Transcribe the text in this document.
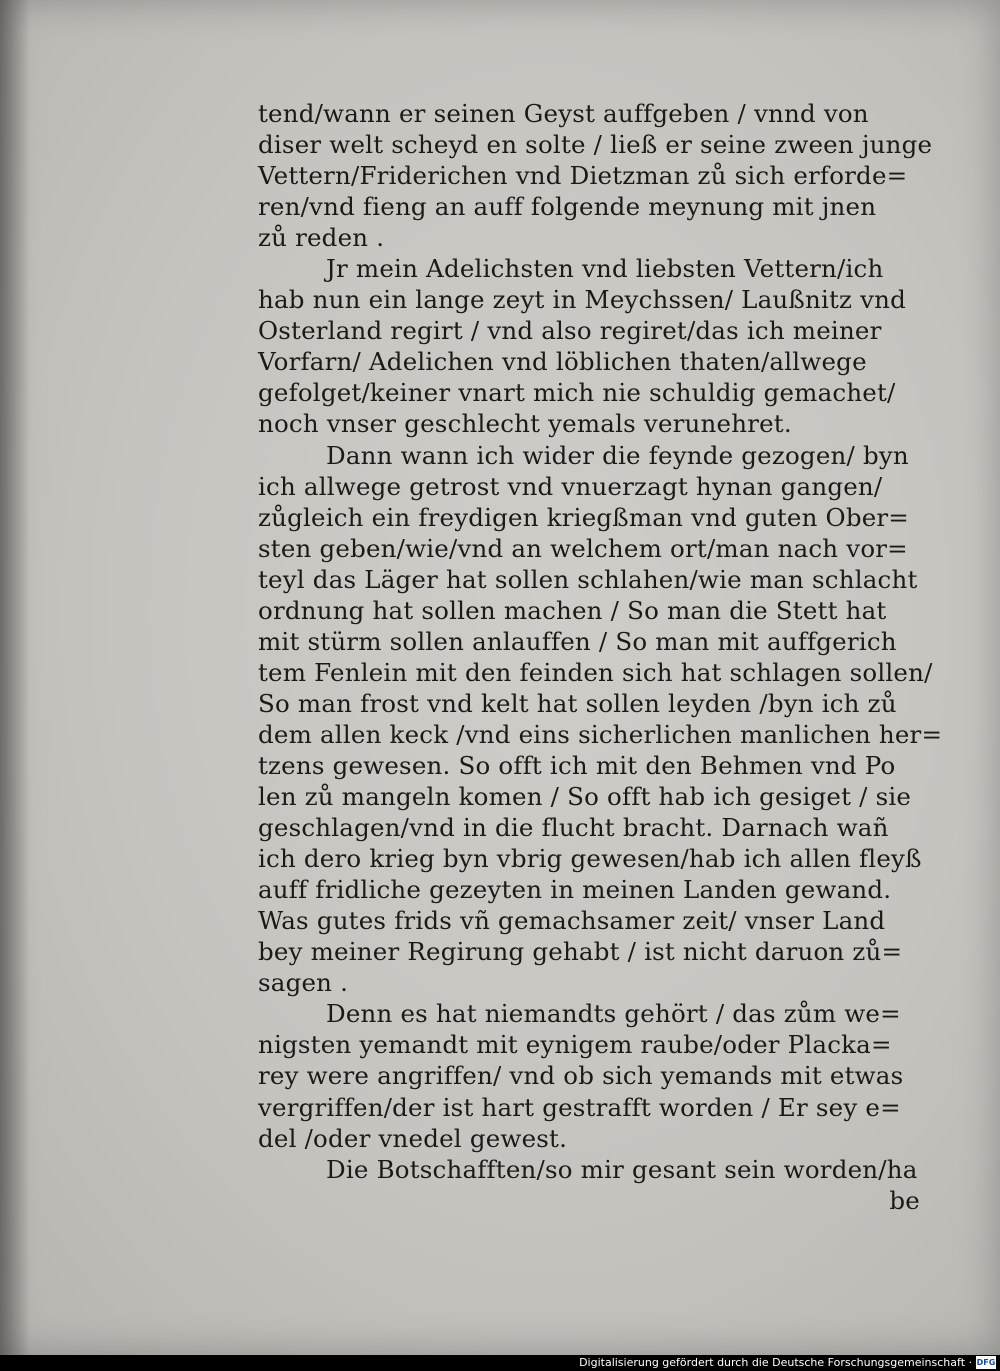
tend/wann er seinen Geyst auffgeben / vnnd von
diser welt scheyd en solte / ließ er seine zween junge
Vettern/Friderichen vnd Dietzman zů sich erforde=
ren/vnd fieng an auff folgende meynung mit jnen
zů reden .
Jr mein Adelichsten vnd liebsten Vettern/ich
hab nun ein lange zeyt in Meychssen/ Laußnitz vnd
Osterland regirt / vnd also regiret/das ich meiner
Vorfarn/ Adelichen vnd löblichen thaten/allwege
gefolget/keiner vnart mich nie schuldig gemachet/
noch vnser geschlecht yemals verunehret.
Dann wann ich wider die feynde gezogen/ byn
ich allwege getrost vnd vnuerzagt hynan gangen/
zůgleich ein freydigen kriegßman vnd guten Ober=
sten geben/wie/vnd an welchem ort/man nach vor=
teyl das Läger hat sollen schlahen/wie man schlacht
ordnung hat sollen machen / So man die Stett hat
mit stürm sollen anlauffen / So man mit auffgerich
tem Fenlein mit den feinden sich hat schlagen sollen/
So man frost vnd kelt hat sollen leyden /byn ich zů
dem allen keck /vnd eins sicherlichen manlichen her=
tzens gewesen. So offt ich mit den Behmen vnd Po
len zů mangeln komen / So offt hab ich gesiget / sie
geschlagen/vnd in die flucht bracht. Darnach wañ
ich dero krieg byn vbrig gewesen/hab ich allen fleyß
auff fridliche gezeyten in meinen Landen gewand.
Was gutes frids vñ gemachsamer zeit/ vnser Land
bey meiner Regirung gehabt / ist nicht daruon zů=
sagen .
Denn es hat niemandts gehört / das zům we=
nigsten yemandt mit eynigem raube/oder Plackа=
rey were angriffen/ vnd ob sich yemands mit etwas
vergriffen/der ist hart gestrafft worden / Er sey e=
del /oder vnedel gewest.
Die Botschafften/so mir gesant sein worden/ha
be
Digitalisierung gefördert durch die Deutsche Forschungsgemeinschaft · DFG
